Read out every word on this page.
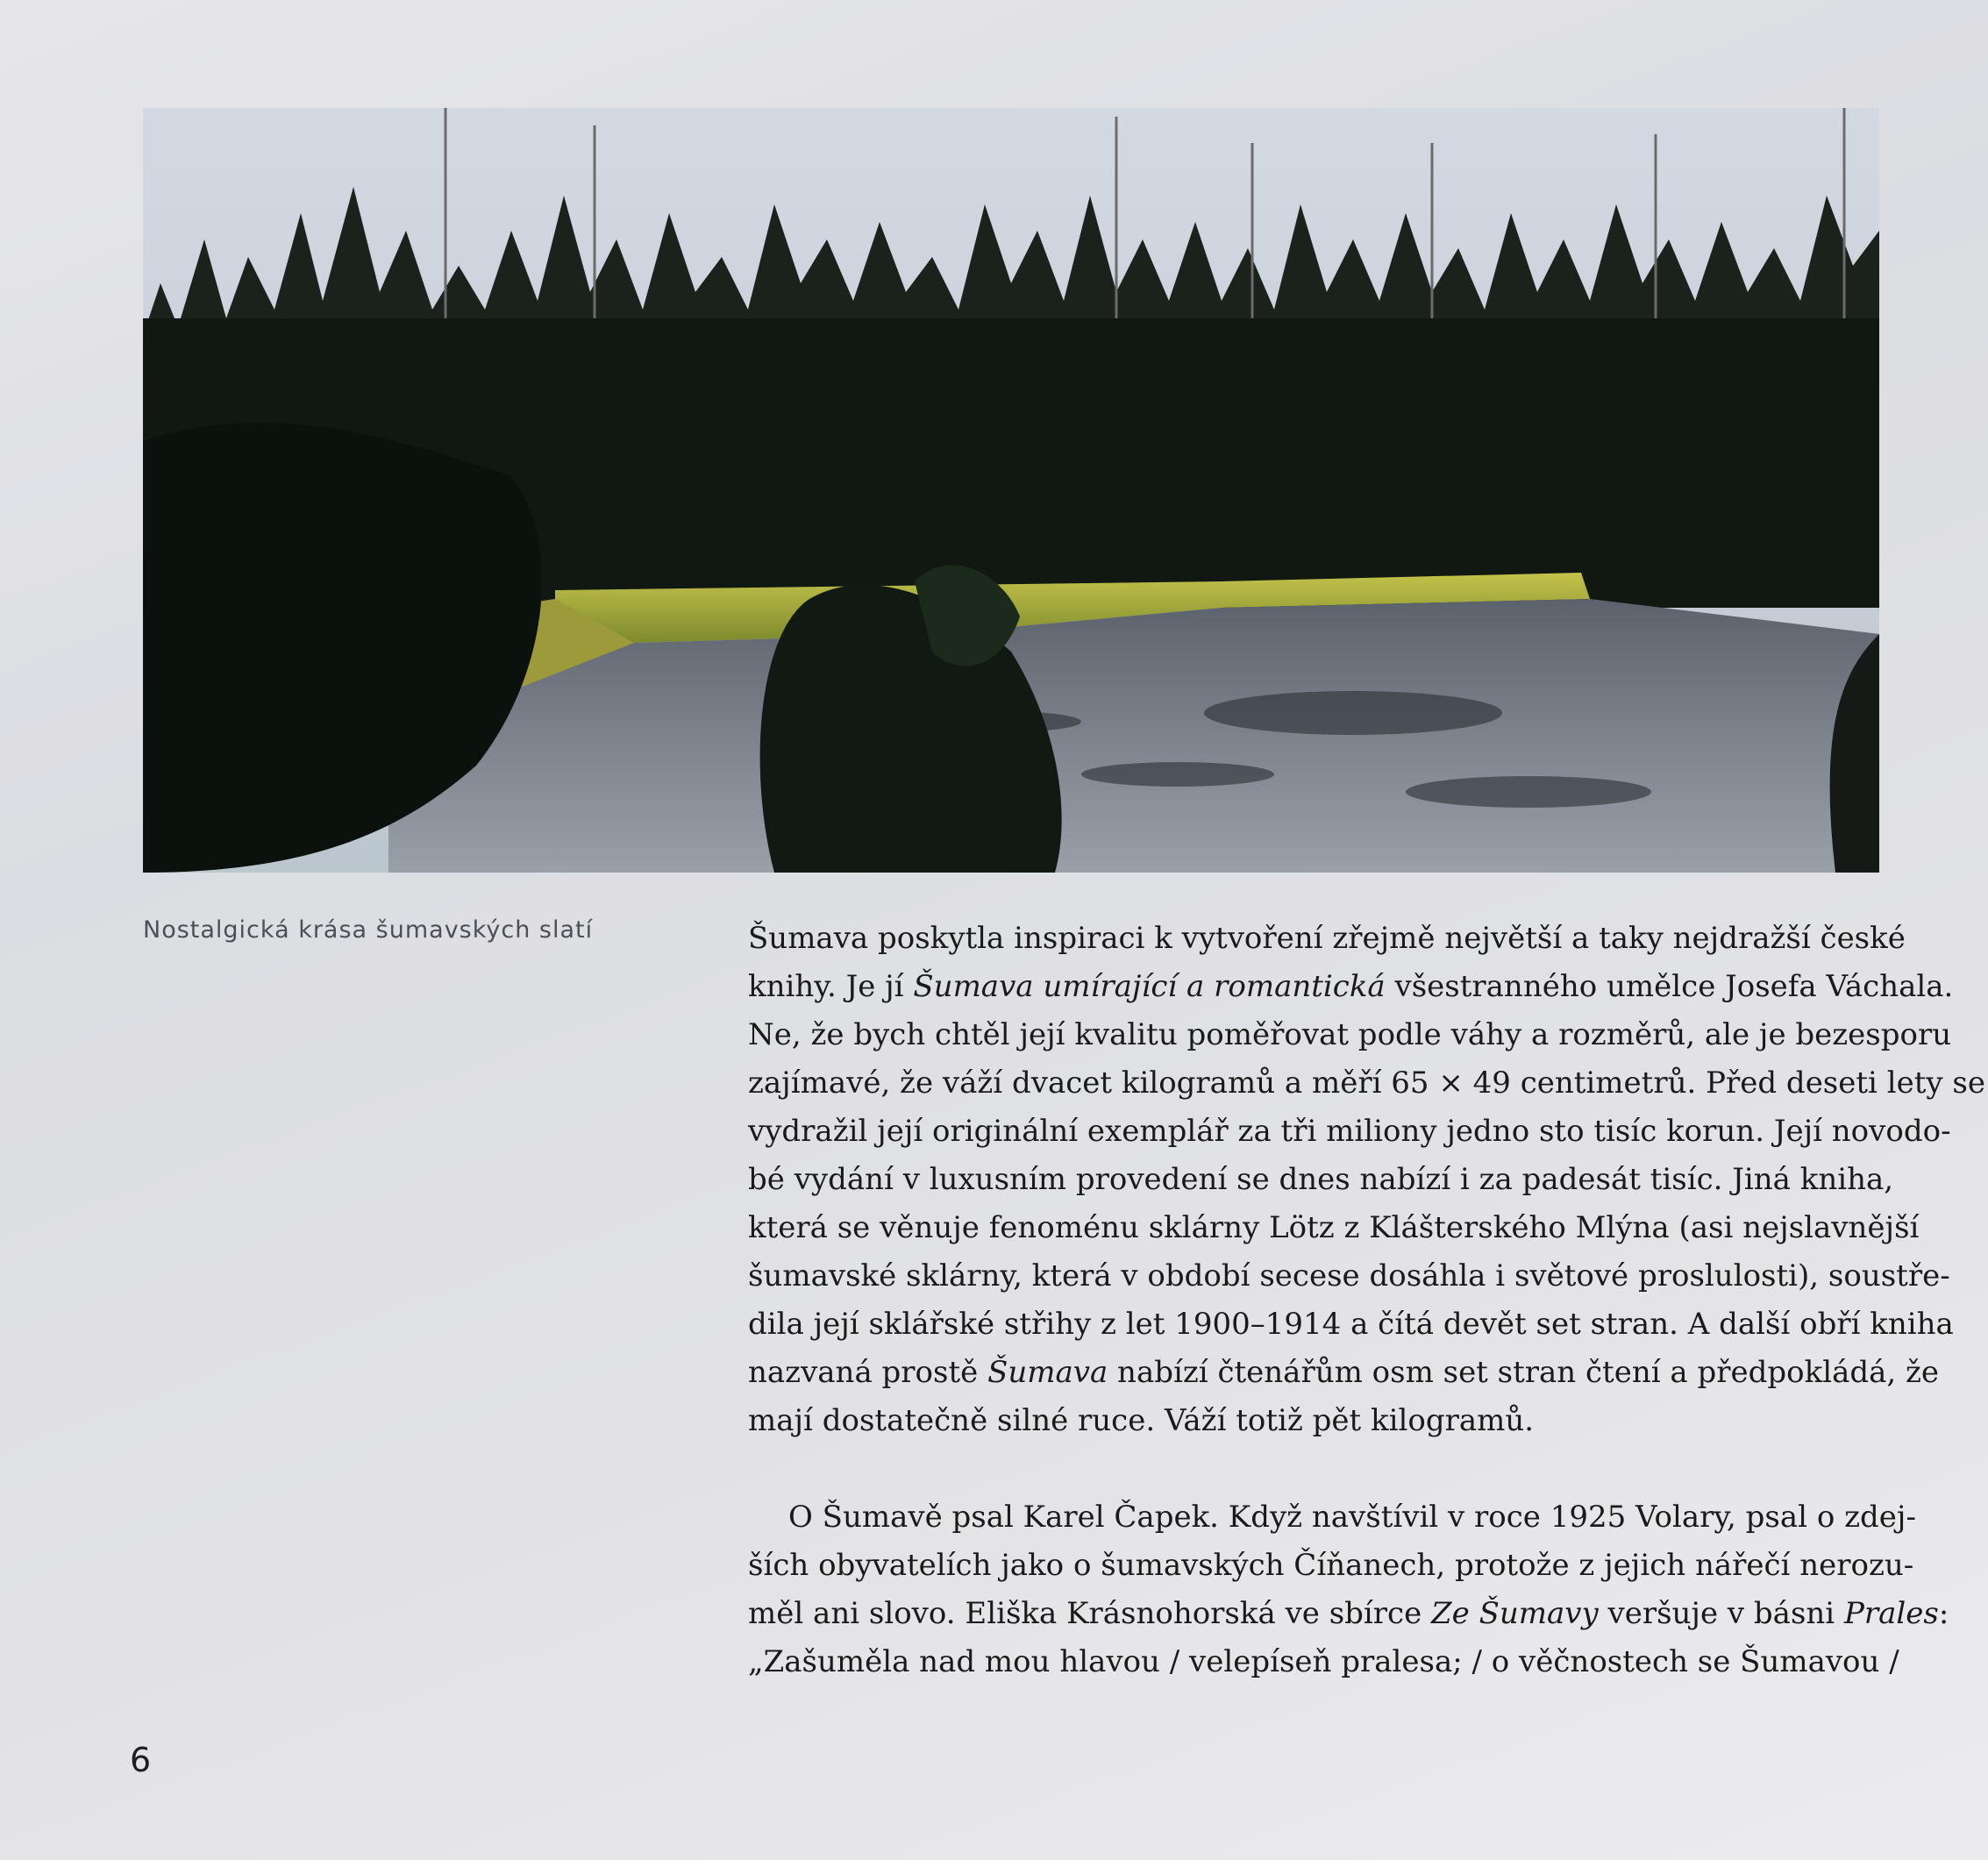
Nostalgická krása šumavských slatí	Šumava poskytla inspiraci k vytvoření zřejmě největší a taky nejdražší české
knihy. Je jí Šumava umírající a romantická všestranného umělce Josefa Váchala.
Ne, že bych chtěl její kvalitu poměřovat podle váhy a rozměrů, ale je bezesporu
zajímavé, že váží dvacet kilogramů a měří 65 × 49 centimetrů. Před deseti lety se
vydražil její originální exemplář za tři miliony jedno sto tisíc korun. Její novodo-
bé vydání v luxusním provedení se dnes nabízí i za padesát tisíc. Jiná kniha,
která se věnuje fenoménu sklárny Lötz z Klášterského Mlýna (asi nejslavnější
šumavské sklárny, která v období secese dosáhla i světové proslulosti), soustře-
dila její sklářské střihy z let 1900–1914 a čítá devět set stran. A další obří kniha
nazvaná prostě Šumava nabízí čtenářům osm set stran čtení a předpokládá, že
mají dostatečně silné ruce. Váží totiž pět kilogramů.
O Šumavě psal Karel Čapek. Když navštívil v roce 1925 Volary, psal o zdej-
ších obyvatelích jako o šumavských Číňanech, protože z jejich nářečí nerozu-
měl ani slovo. Eliška Krásnohorská ve sbírce Ze Šumavy veršuje v básni Prales:
„Zašuměla nad mou hlavou / velepíseň pralesa; / o věčnostech se Šumavou /
6
